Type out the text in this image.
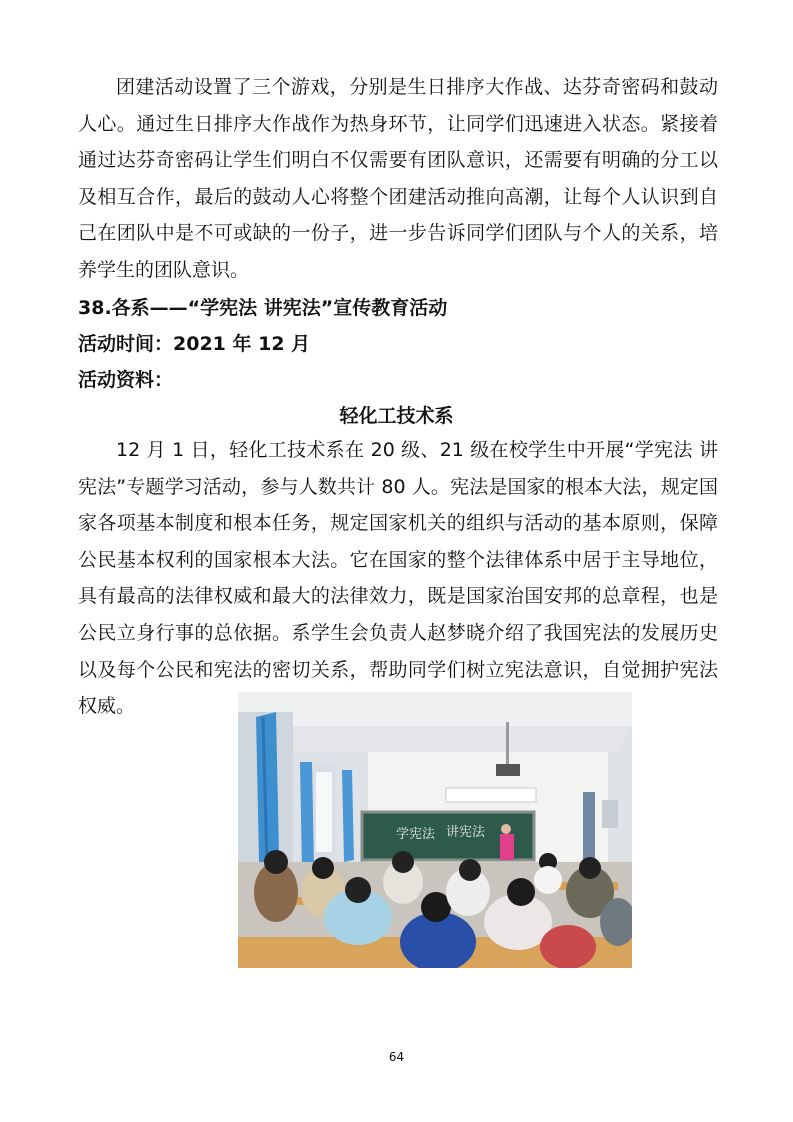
团建活动设置了三个游戏，分别是生日排序大作战、达芬奇密码和鼓动人心。通过生日排序大作战作为热身环节，让同学们迅速进入状态。紧接着通过达芬奇密码让学生们明白不仅需要有团队意识，还需要有明确的分工以及相互合作，最后的鼓动人心将整个团建活动推向高潮，让每个人认识到自己在团队中是不可或缺的一份子，进一步告诉同学们团队与个人的关系，培养学生的团队意识。

38.各系——“学宪法 讲宪法”宣传教育活动

活动时间：2021 年 12 月

活动资料：

轻化工技术系

12 月 1 日，轻化工技术系在 20 级、21 级在校学生中开展“学宪法 讲宪法”专题学习活动，参与人数共计 80 人。宪法是国家的根本大法，规定国家各项基本制度和根本任务，规定国家机关的组织与活动的基本原则，保障公民基本权利的国家根本大法。它在国家的整个法律体系中居于主导地位，具有最高的法律权威和最大的法律效力，既是国家治国安邦的总章程，也是公民立身行事的总依据。系学生会负责人赵梦晓介绍了我国宪法的发展历史以及每个公民和宪法的密切关系，帮助同学们树立宪法意识，自觉拥护宪法权威。

学宪法 讲宪法
64
